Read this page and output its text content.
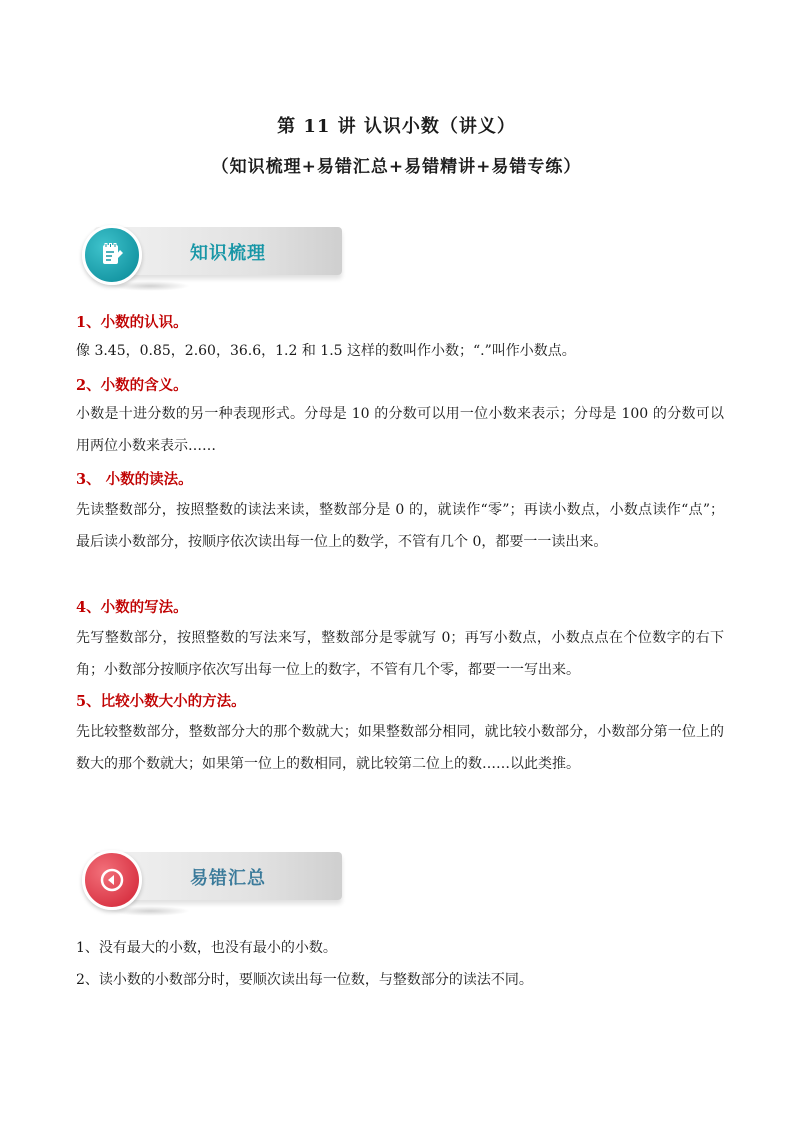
第 11 讲 认识小数（讲义）
（知识梳理+易错汇总+易错精讲+易错专练）
知识梳理
1、小数的认识。
像 3.45，0.85，2.60，36.6，1.2 和 1.5 这样的数叫作小数；“.”叫作小数点。
2、小数的含义。
小数是十进分数的另一种表现形式。分母是 10 的分数可以用一位小数来表示；分母是 100 的分数可以用两位小数来表示……
3、 小数的读法。
先读整数部分，按照整数的读法来读，整数部分是 0 的，就读作“零”；再读小数点，小数点读作“点”；最后读小数部分，按顺序依次读出每一位上的数学，不管有几个 0，都要一一读出来。
4、小数的写法。
先写整数部分，按照整数的写法来写，整数部分是零就写 0；再写小数点，小数点点在个位数字的右下角；小数部分按顺序依次写出每一位上的数字，不管有几个零，都要一一写出来。
5、比较小数大小的方法。
先比较整数部分，整数部分大的那个数就大；如果整数部分相同，就比较小数部分，小数部分第一位上的数大的那个数就大；如果第一位上的数相同，就比较第二位上的数……以此类推。
易错汇总
1、没有最大的小数，也没有最小的小数。
2、读小数的小数部分时，要顺次读出每一位数，与整数部分的读法不同。
